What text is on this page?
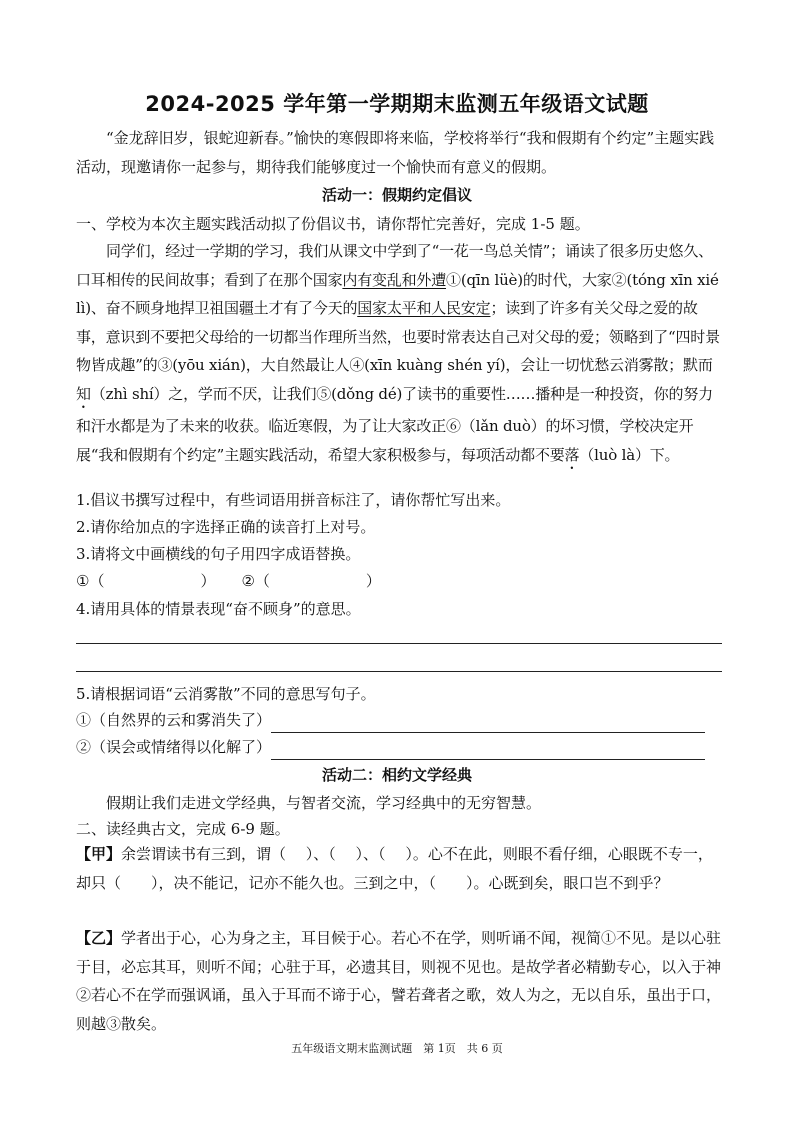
2024-2025 学年第一学期期末监测五年级语文试题

“金龙辞旧岁，银蛇迎新春。”愉快的寒假即将来临，学校将举行“我和假期有个约定”主题实践活动，现邀请你一起参与，期待我们能够度过一个愉快而有意义的假期。

活动一：假期约定倡议
一、学校为本次主题实践活动拟了份倡议书，请你帮忙完善好，完成 1-5 题。

同学们，经过一学期的学习，我们从课文中学到了“一花一鸟总关情”；诵读了很多历史悠久、口耳相传的民间故事；看到了在那个国家内有变乱和外遭①(qīn lüè)的时代，大家②(tóng xīn xié lì)、奋不顾身地捍卫祖国疆土才有了今天的国家太平和人民安定；读到了许多有关父母之爱的故事，意识到不要把父母给的一切都当作理所当然，也要时常表达自己对父母的爱；领略到了“四时景物皆成趣”的③(yōu xián)，大自然最让人④(xīn kuàng shén yí)，会让一切忧愁云消雾散；默而知（zhì shí）之，学而不厌，让我们⑤(dǒng dé)了读书的重要性……播种是一种投资，你的努力和汗水都是为了未来的收获。临近寒假，为了让大家改正⑥（lǎn duò）的坏习惯，学校决定开展“我和假期有个约定”主题实践活动，希望大家积极参与，每项活动都不要落（luò là）下。

1.倡议书撰写过程中，有些词语用拼音标注了，请你帮忙写出来。
2.请你给加点的字选择正确的读音打上对号。
3.请将文中画横线的句子用四字成语替换。
①（	） ②（	）
4.请用具体的情景表现“奋不顾身”的意思。
5.请根据词语“云消雾散”不同的意思写句子。
①（自然界的云和雾消失了）
②（误会或情绪得以化解了）
活动二：相约文学经典
假期让我们走进文学经典，与智者交流，学习经典中的无穷智慧。
二、读经典古文，完成 6-9 题。

【甲】余尝谓读书有三到，谓（　 ）、（　 ）、（　 ）。心不在此，则眼不看仔细，心眼既不专一，却只（　　），决不能记，记亦不能久也。三到之中，（　　）。心既到矣，眼口岂不到乎？

【乙】学者出于心，心为身之主，耳目候于心。若心不在学，则听诵不闻，视简①不见。是以心驻于目，必忘其耳，则听不闻；心驻于耳，必遗其目，则视不见也。是故学者必精勤专心，以入于神②若心不在学而强讽诵，虽入于耳而不谛于心，譬若聋者之歌，效人为之，无以自乐，虽出于口，则越③散矣。

五年级语文期末监测试题　第 1页　共 6 页
